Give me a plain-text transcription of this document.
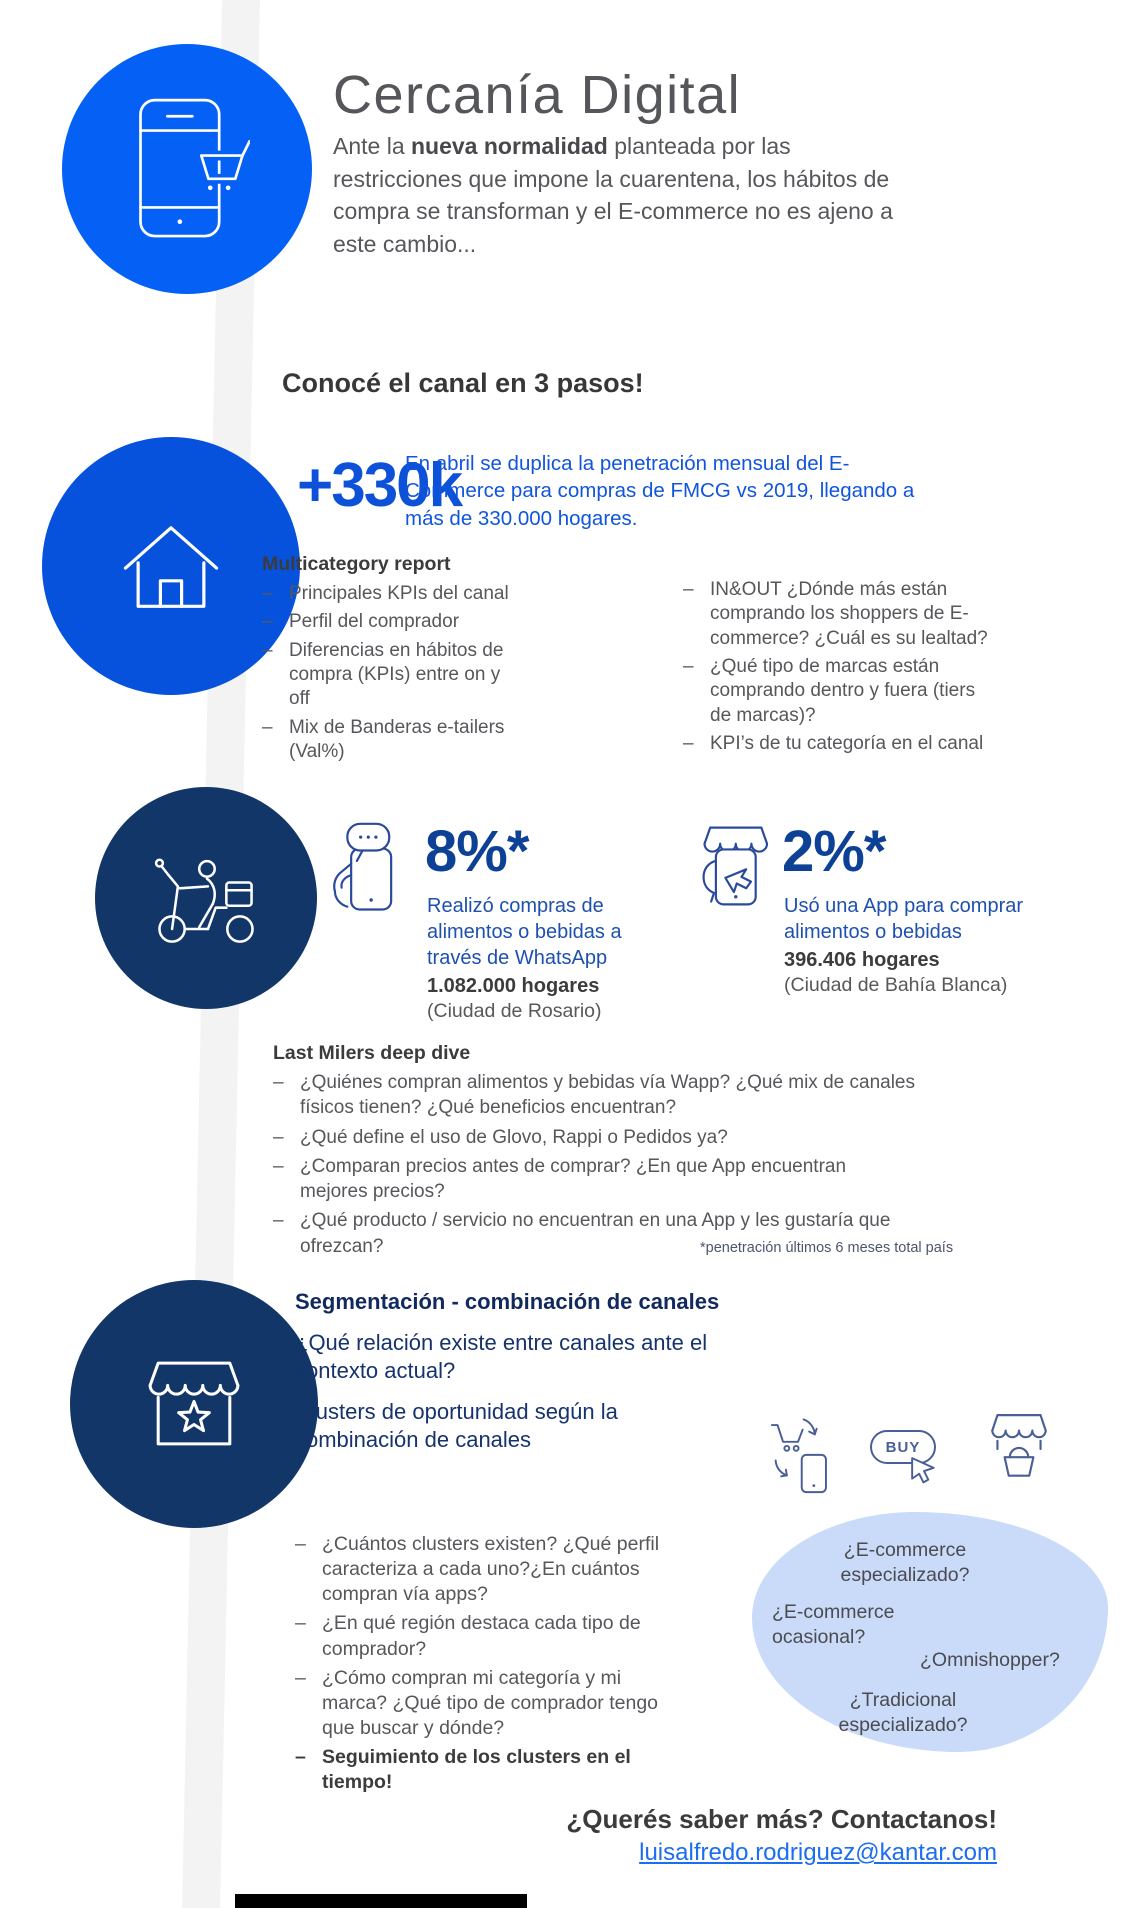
Cercanía Digital
Ante la nueva normalidad planteada por las restricciones que impone la cuarentena, los hábitos de compra se transforman y el E-commerce no es ajeno a este cambio...
Conocé el canal en 3 pasos!
+330k
En abril se duplica la penetración mensual del E-Commerce para compras de FMCG vs 2019, llegando a más de 330.000 hogares.
Multicategory report
– Principales KPIs del canal
– Perfil del comprador
– Diferencias en hábitos de compra (KPIs) entre on y off
– Mix de Banderas e-tailers (Val%)
– IN&OUT ¿Dónde más están comprando los shoppers de E-commerce? ¿Cuál es su lealtad?
– ¿Qué tipo de marcas están comprando dentro y fuera (tiers de marcas)?
– KPI’s de tu categoría en el canal
8%*

Realizó compras de alimentos o bebidas a través de WhatsApp

1.082.000 hogares

(Ciudad de Rosario)

2%*

Usó una App para comprar alimentos o bebidas

396.406 hogares

(Ciudad de Bahía Blanca)

Last Milers deep dive
– ¿Quiénes compran alimentos y bebidas vía Wapp? ¿Qué mix de canales físicos tienen? ¿Qué beneficios encuentran?
– ¿Qué define el uso de Glovo, Rappi o Pedidos ya?
– ¿Comparan precios antes de comprar? ¿En que App encuentran mejores precios?
– ¿Qué producto / servicio no encuentran en una App y les gustaría que ofrezcan?	*penetración últimos 6 meses total país

Segmentación - combinación de canales

¿Qué relación existe entre canales ante el contexto actual?

Clusters de oportunidad según la combinación de canales

– ¿Cuántos clusters existen? ¿Qué perfil caracteriza a cada uno?¿En cuántos compran vía apps?
– ¿En qué región destaca cada tipo de comprador?
– ¿Cómo compran mi categoría y mi marca? ¿Qué tipo de comprador tengo que buscar y dónde?
– Seguimiento de los clusters en el tiempo!
BUY
¿E-commerce especializado?
¿E-commerce ocasional?
¿Omnishopper?
¿Tradicional especializado?
¿Querés saber más? Contactanos!
luisalfredo.rodriguez@kantar.com
